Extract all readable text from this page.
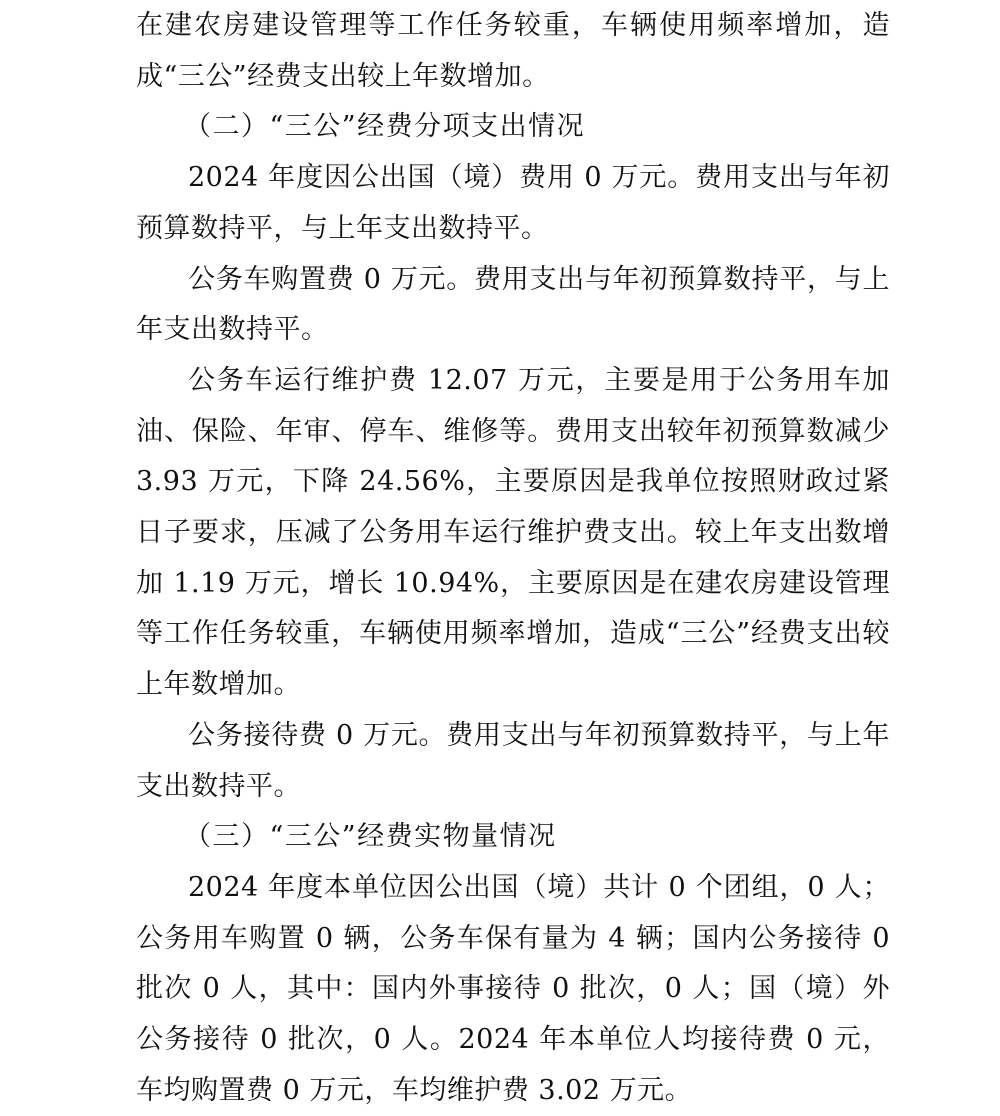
在建农房建设管理等工作任务较重，车辆使用频率增加，造成“三公”经费支出较上年数增加。

（二）“三公”经费分项支出情况

2024 年度因公出国（境）费用 0 万元。费用支出与年初预算数持平，与上年支出数持平。

公务车购置费 0 万元。费用支出与年初预算数持平，与上年支出数持平。

公务车运行维护费 12.07 万元，主要是用于公务用车加油、保险、年审、停车、维修等。费用支出较年初预算数减少 3.93 万元，下降 24.56%，主要原因是我单位按照财政过紧日子要求，压减了公务用车运行维护费支出。较上年支出数增加 1.19 万元，增长 10.94%，主要原因是在建农房建设管理等工作任务较重，车辆使用频率增加，造成“三公”经费支出较上年数增加。

公务接待费 0 万元。费用支出与年初预算数持平，与上年支出数持平。

（三）“三公”经费实物量情况

2024 年度本单位因公出国（境）共计 0 个团组，0 人；公务用车购置 0 辆，公务车保有量为 4 辆；国内公务接待 0 批次 0 人，其中：国内外事接待 0 批次，0 人；国（境）外公务接待 0 批次，0 人。2024 年本单位人均接待费 0 元，车均购置费 0 万元，车均维护费 3.02 万元。
